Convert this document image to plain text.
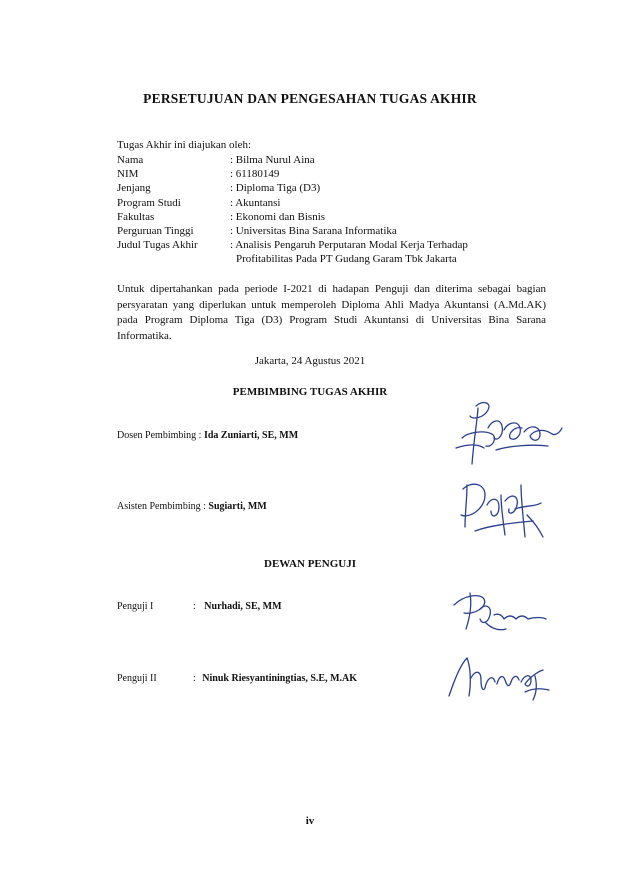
PERSETUJUAN DAN PENGESAHAN TUGAS AKHIR
Tugas Akhir ini diajukan oleh:
Nama	: Bilma Nurul Aina
NIM	: 61180149
Jenjang	: Diploma Tiga (D3)
Program Studi	: Akuntansi
Fakultas	: Ekonomi dan Bisnis
Perguruan Tinggi	: Universitas Bina Sarana Informatika
Judul Tugas Akhir	: Analisis Pengaruh Perputaran Modal Kerja Terhadap
Profitabilitas Pada PT Gudang Garam Tbk Jakarta
Untuk dipertahankan pada periode I-2021 di hadapan Penguji dan diterima sebagai bagian persyaratan yang diperlukan untuk memperoleh Diploma Ahli Madya Akuntansi (A.Md.AK) pada Program Diploma Tiga (D3) Program Studi Akuntansi di Universitas Bina Sarana Informatika.
Jakarta, 24 Agustus 2021
PEMBIMBING TUGAS AKHIR
Dosen Pembimbing : Ida Zuniarti, SE, MM
Asisten Pembimbing : Sugiarti, MM
DEWAN PENGUJI
Penguji I	: Nurhadi, SE, MM
Penguji II	: Ninuk Riesyantiningtias, S.E, M.AK
iv
